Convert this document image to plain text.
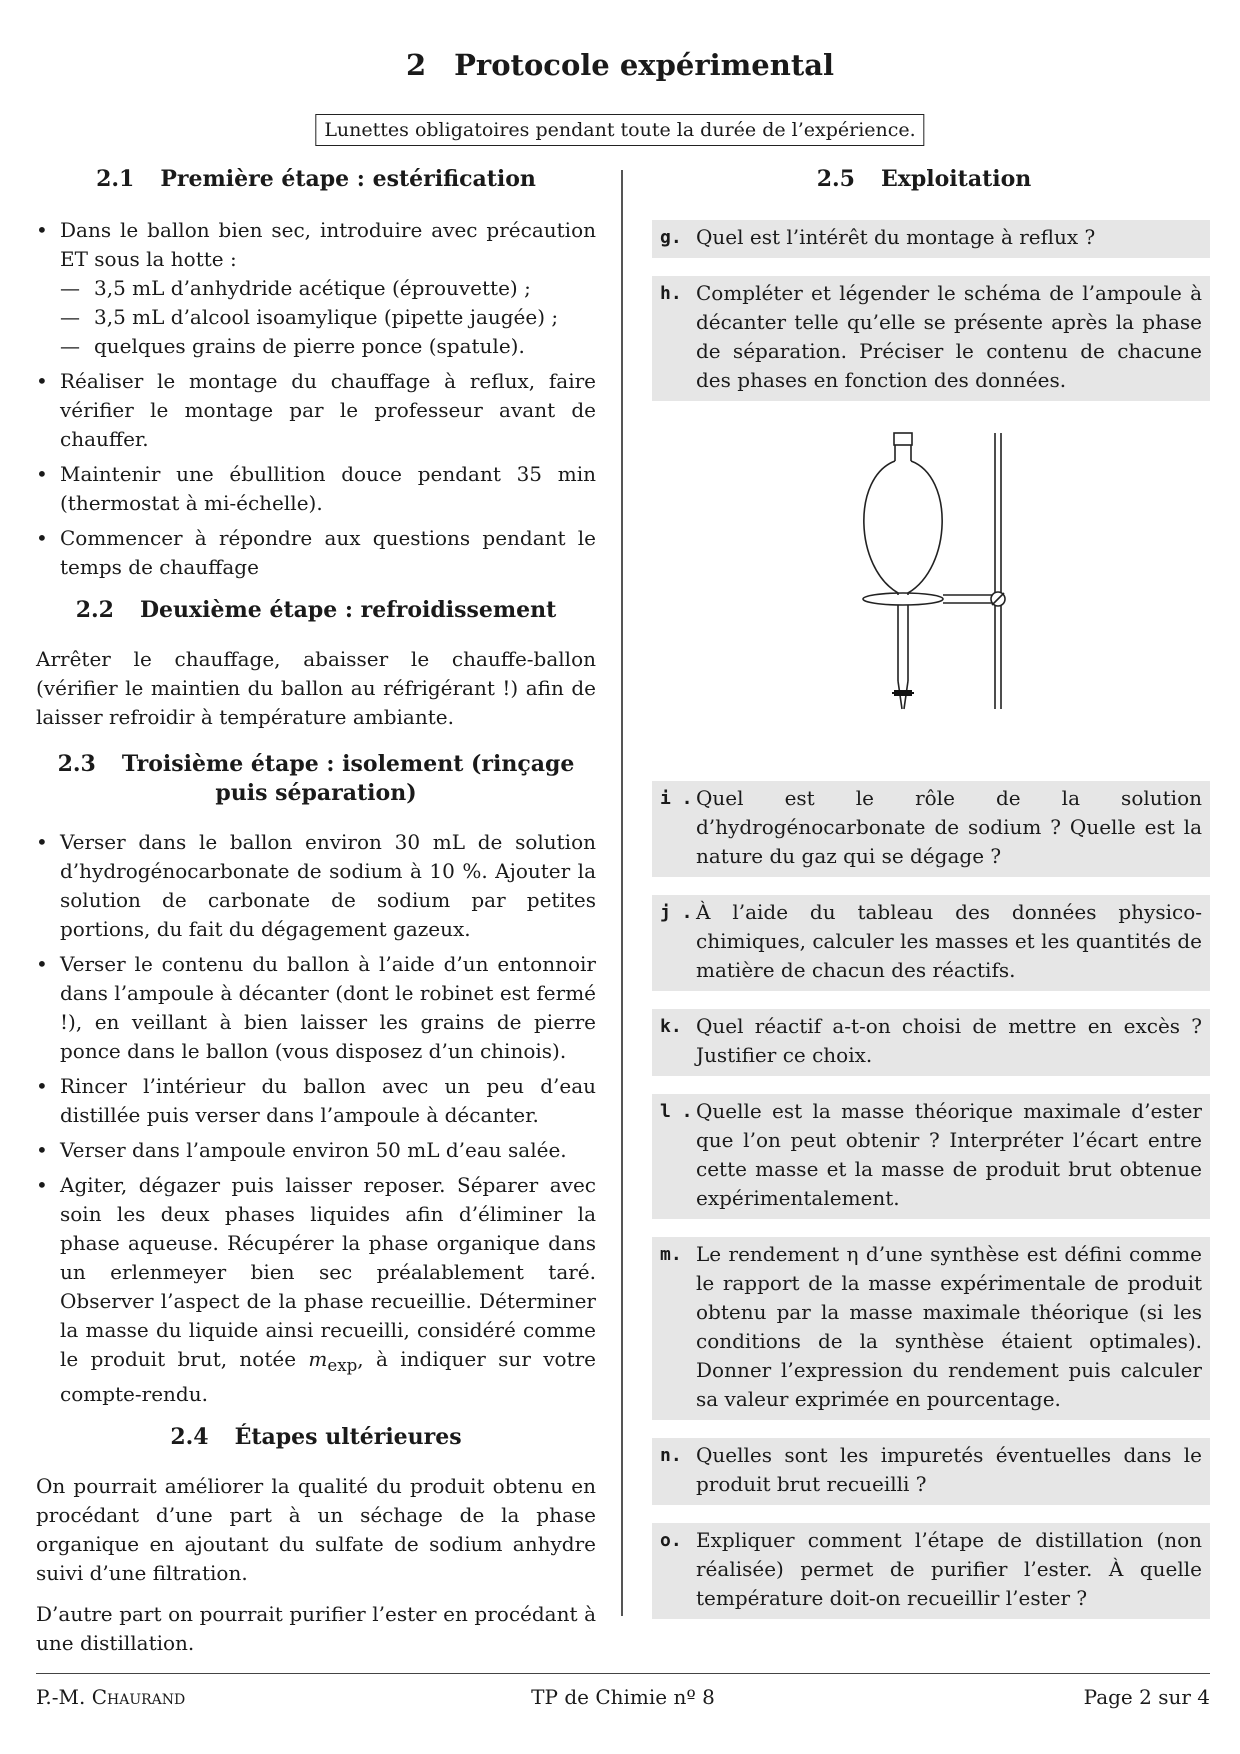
2 Protocole expérimental
Lunettes obligatoires pendant toute la durée de l’expérience.
2.1 Première étape : estérification
• Dans le ballon bien sec, introduire avec précaution ET sous la hotte :
— 3,5 mL d’anhydride acétique (éprouvette) ;
— 3,5 mL d’alcool isoamylique (pipette jaugée) ;
— quelques grains de pierre ponce (spatule).
• Réaliser le montage du chauffage à reflux, faire vérifier le montage par le professeur avant de chauffer.
• Maintenir une ébullition douce pendant 35 min (thermostat à mi-échelle).
• Commencer à répondre aux questions pendant le temps de chauffage
2.2 Deuxième étape : refroidissement

Arrêter le chauffage, abaisser le chauffe-ballon (vérifier le maintien du ballon au réfrigérant !) afin de laisser refroidir à température ambiante.

2.3 Troisième étape : isolement (rinçage
puis séparation)
• Verser dans le ballon environ 30 mL de solution d’hydrogénocarbonate de sodium à 10 %. Ajouter la solution de carbonate de sodium par petites portions, du fait du dégagement gazeux.
• Verser le contenu du ballon à l’aide d’un entonnoir dans l’ampoule à décanter (dont le robinet est fermé !), en veillant à bien laisser les grains de pierre ponce dans le ballon (vous disposez d’un chinois).
• Rincer l’intérieur du ballon avec un peu d’eau distillée puis verser dans l’ampoule à décanter.
• Verser dans l’ampoule environ 50 mL d’eau salée.
• Agiter, dégazer puis laisser reposer. Séparer avec soin les deux phases liquides afin d’éliminer la phase aqueuse. Récupérer la phase organique dans un erlenmeyer bien sec préalablement taré. Observer l’aspect de la phase recueillie. Déterminer la masse du liquide ainsi recueilli, considéré comme le produit brut, notée $m_{exp}$, à indiquer sur votre compte-rendu.
2.4 Étapes ultérieures

On pourrait améliorer la qualité du produit obtenu en procédant d’une part à un séchage de la phase organique en ajoutant du sulfate de sodium anhydre suivi d’une filtration.

D’autre part on pourrait purifier l’ester en procédant à une distillation.

2.5 Exploitation
g. Quel est l’intérêt du montage à reflux ?
h. Compléter et légender le schéma de l’ampoule à décanter telle qu’elle se présente après la phase de séparation. Préciser le contenu de chacune des phases en fonction des données.
i . Quel est le rôle de la solution d’hydrogénocarbonate de sodium ? Quelle est la nature du gaz qui se dégage ?
j . À l’aide du tableau des données physico-chimiques, calculer les masses et les quantités de matière de chacun des réactifs.
k. Quel réactif a-t-on choisi de mettre en excès ? Justifier ce choix.
l . Quelle est la masse théorique maximale d’ester que l’on peut obtenir ? Interpréter l’écart entre cette masse et la masse de produit brut obtenue expérimentalement.
m. Le rendement η d’une synthèse est défini comme le rapport de la masse expérimentale de produit obtenu par la masse maximale théorique (si les conditions de la synthèse étaient optimales). Donner l’expression du rendement puis calculer sa valeur exprimée en pourcentage.
n. Quelles sont les impuretés éventuelles dans le produit brut recueilli ?
o. Expliquer comment l’étape de distillation (non réalisée) permet de purifier l’ester. À quelle température doit-on recueillir l’ester ?
P.-M. Chaurand	TP de Chimie nº 8	Page 2 sur 4
